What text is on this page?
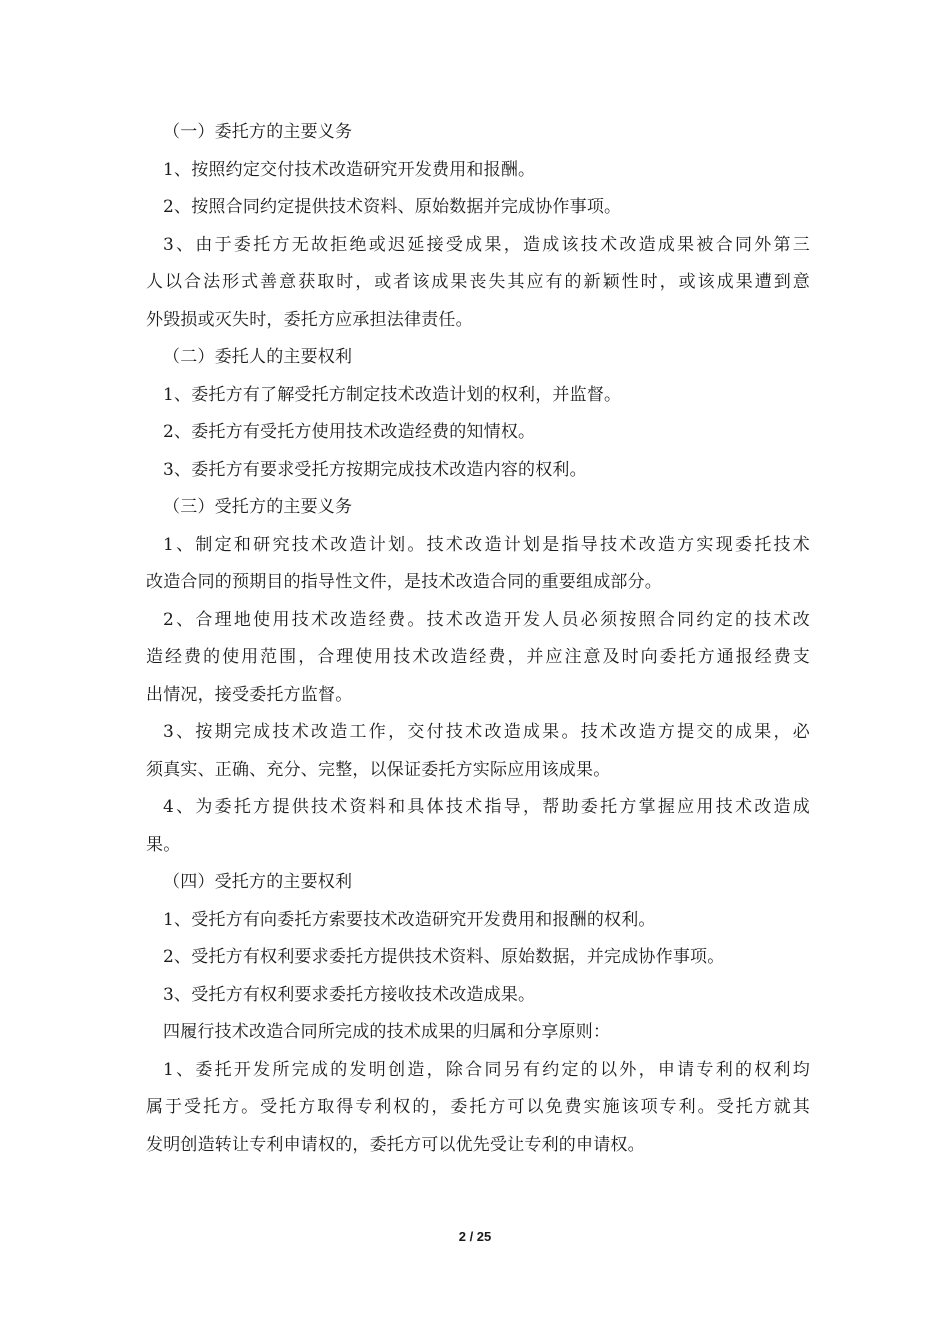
（一）委托方的主要义务
1、按照约定交付技术改造研究开发费用和报酬。
2、按照合同约定提供技术资料、原始数据并完成协作事项。
3、由于委托方无故拒绝或迟延接受成果，造成该技术改造成果被合同外第三
人以合法形式善意获取时，或者该成果丧失其应有的新颖性时，或该成果遭到意
外毁损或灭失时，委托方应承担法律责任。
（二）委托人的主要权利
1、委托方有了解受托方制定技术改造计划的权利，并监督。
2、委托方有受托方使用技术改造经费的知情权。
3、委托方有要求受托方按期完成技术改造内容的权利。
（三）受托方的主要义务
1、制定和研究技术改造计划。技术改造计划是指导技术改造方实现委托技术
改造合同的预期目的指导性文件，是技术改造合同的重要组成部分。
2、合理地使用技术改造经费。技术改造开发人员必须按照合同约定的技术改
造经费的使用范围，合理使用技术改造经费，并应注意及时向委托方通报经费支
出情况，接受委托方监督。
3、按期完成技术改造工作，交付技术改造成果。技术改造方提交的成果，必
须真实、正确、充分、完整，以保证委托方实际应用该成果。
4、为委托方提供技术资料和具体技术指导，帮助委托方掌握应用技术改造成
果。
（四）受托方的主要权利
1、受托方有向委托方索要技术改造研究开发费用和报酬的权利。
2、受托方有权利要求委托方提供技术资料、原始数据，并完成协作事项。
3、受托方有权利要求委托方接收技术改造成果。
四履行技术改造合同所完成的技术成果的归属和分享原则：
1、委托开发所完成的发明创造，除合同另有约定的以外，申请专利的权利均
属于受托方。受托方取得专利权的，委托方可以免费实施该项专利。受托方就其
发明创造转让专利申请权的，委托方可以优先受让专利的申请权。
2 / 25
